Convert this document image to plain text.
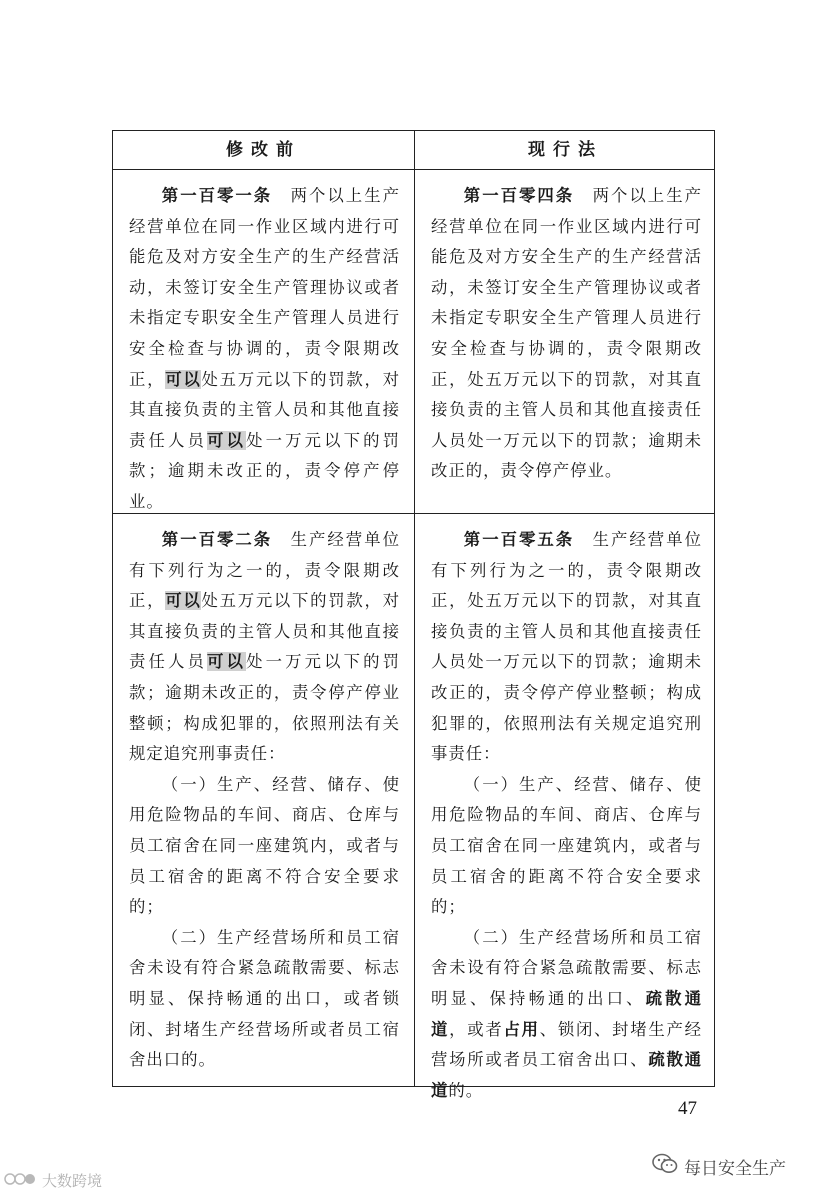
修改前	现行法

第一百零一条　 两个以上生产经营单位在同一作业区域内进行可能危及对方安全生产的生产经营活动，未签订安全生产管理协议或者未指定专职安全生产管理人员进行安全检查与协调的，责令限期改正，可以处五万元以下的罚款，对其直接负责的主管人员和其他直接责任人员可以处一万元以下的罚款；逾期未改正的，责令停产停业。

第一百零四条　 两个以上生产经营单位在同一作业区域内进行可能危及对方安全生产的生产经营活动，未签订安全生产管理协议或者未指定专职安全生产管理人员进行安全检查与协调的，责令限期改正，处五万元以下的罚款，对其直接负责的主管人员和其他直接责任人员处一万元以下的罚款；逾期未改正的，责令停产停业。

第一百零二条　 生产经营单位有下列行为之一的，责令限期改正，可以处五万元以下的罚款，对其直接负责的主管人员和其他直接责任人员可以处一万元以下的罚款；逾期未改正的，责令停产停业整顿；构成犯罪的，依照刑法有关规定追究刑事责任：

（一）生产、经营、储存、使用危险物品的车间、商店、仓库与员工宿舍在同一座建筑内，或者与员工宿舍的距离不符合安全要求的；

（二）生产经营场所和员工宿舍未设有符合紧急疏散需要、标志明显、保持畅通的出口，或者锁闭、封堵生产经营场所或者员工宿舍出口的。

第一百零五条　 生产经营单位有下列行为之一的，责令限期改正，处五万元以下的罚款，对其直接负责的主管人员和其他直接责任人员处一万元以下的罚款；逾期未改正的，责令停产停业整顿；构成犯罪的，依照刑法有关规定追究刑事责任：

（一）生产、经营、储存、使用危险物品的车间、商店、仓库与员工宿舍在同一座建筑内，或者与员工宿舍的距离不符合安全要求的；

（二）生产经营场所和员工宿舍未设有符合紧急疏散需要、标志明显、保持畅通的出口、疏散通道，或者占用、锁闭、封堵生产经营场所或者员工宿舍出口、疏散通道的。

47
大数跨境
每日安全生产
